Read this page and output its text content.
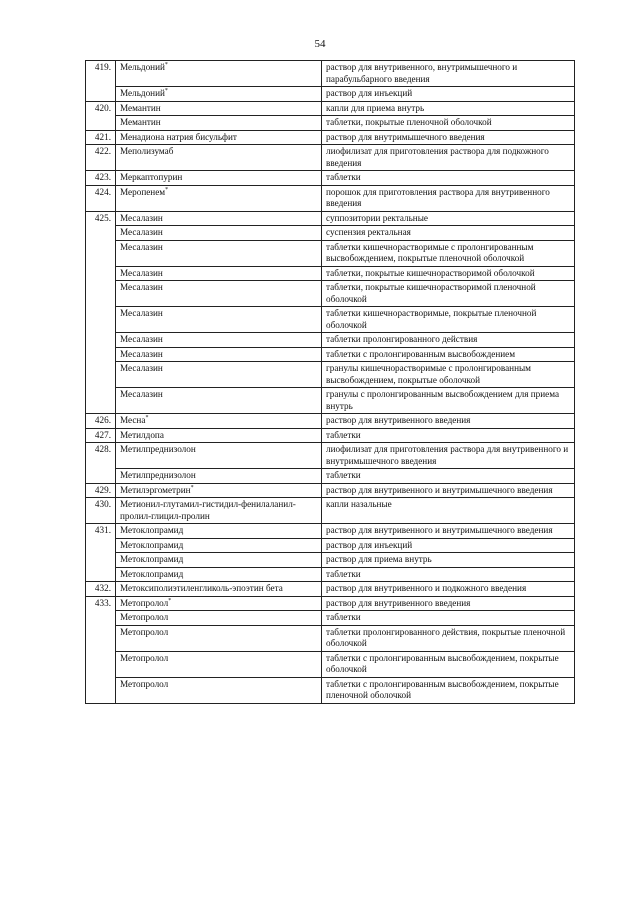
54
419.	Мельдоний*	раствор для внутривенного, внутримышечного и парабульбарного введения
	Мельдоний*	раствор для инъекций
420.	Мемантин	капли для приема внутрь
	Мемантин	таблетки, покрытые пленочной оболочкой
421.	Менадиона натрия бисульфит	раствор для внутримышечного введения
422.	Меполизумаб	лиофилизат для приготовления раствора для подкожного введения
423.	Меркаптопурин	таблетки
424.	Меропенем*	порошок для приготовления раствора для внутривенного введения
425.	Месалазин	суппозитории ректальные
	Месалазин	суспензия ректальная
	Месалазин	таблетки кишечнорастворимые с пролонгированным высвобождением, покрытые пленочной оболочкой
	Месалазин	таблетки, покрытые кишечнорастворимой оболочкой
	Месалазин	таблетки, покрытые кишечнорастворимой пленочной оболочкой
	Месалазин	таблетки кишечнорастворимые, покрытые пленочной оболочкой
	Месалазин	таблетки пролонгированного действия
	Месалазин	таблетки с пролонгированным высвобождением
	Месалазин	гранулы кишечнорастворимые с пролонгированным высвобождением, покрытые оболочкой
	Месалазин	гранулы с пролонгированным высвобождением для приема внутрь
426.	Месна*	раствор для внутривенного введения
427.	Метилдопа	таблетки
428.	Метилпреднизолон	лиофилизат для приготовления раствора для внутривенного и внутримышечного введения
	Метилпреднизолон	таблетки
429.	Метилэргометрин*	раствор для внутривенного и внутримышечного введения
430.	Метионил-глутамил-гистидил-фенилаланил-пролил-глицил-пролин	капли назальные
431.	Метоклопрамид	раствор для внутривенного и внутримышечного введения
	Метоклопрамид	раствор для инъекций
	Метоклопрамид	раствор для приема внутрь
	Метоклопрамид	таблетки
432.	Метоксиполиэтиленгликоль-эпоэтин бета	раствор для внутривенного и подкожного введения
433.	Метопролол*	раствор для внутривенного введения
	Метопролол	таблетки
	Метопролол	таблетки пролонгированного действия, покрытые пленочной оболочкой
	Метопролол	таблетки с пролонгированным высвобождением, покрытые оболочкой
	Метопролол	таблетки с пролонгированным высвобождением, покрытые пленочной оболочкой
